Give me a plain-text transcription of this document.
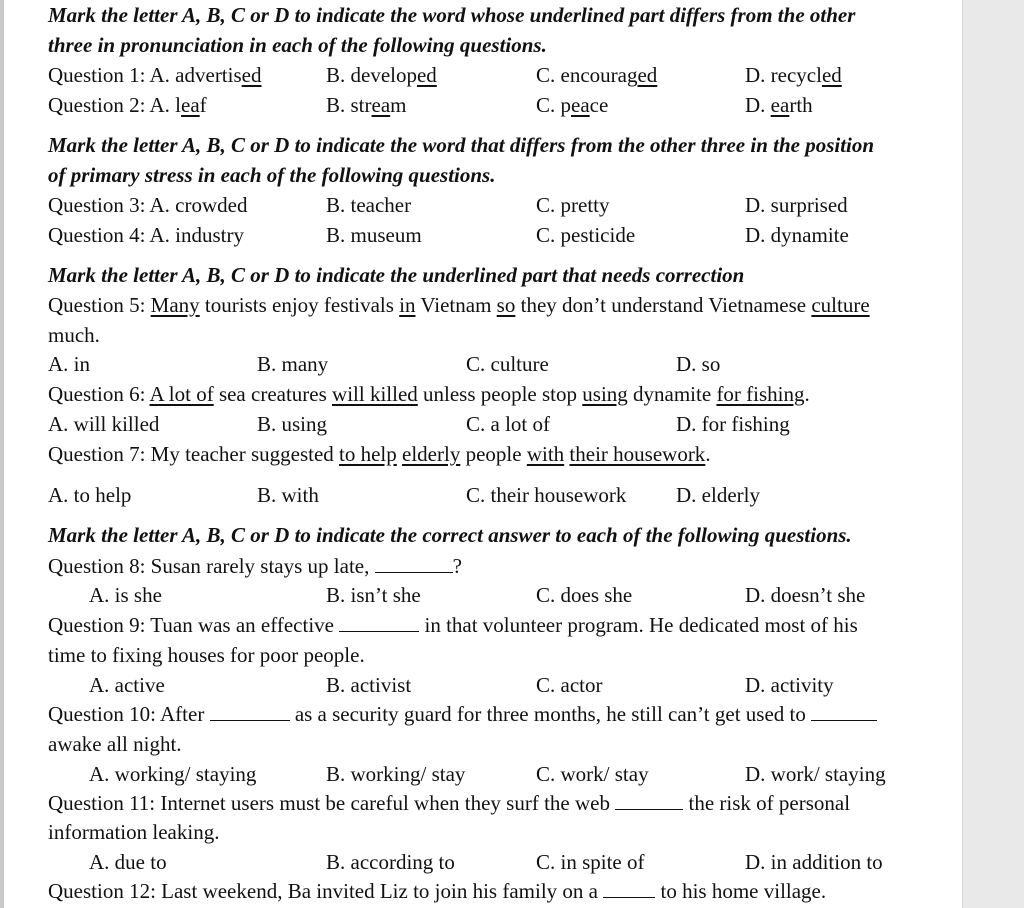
Mark the letter A, B, C or D to indicate the word whose underlined part differs from the other
three in pronunciation in each of the following questions.
Question 1: A. advertised	B. developed	C. encouraged	D. recycled
Question 2: A. leaf	B. stream	C. peace	D. earth
Mark the letter A, B, C or D to indicate the word that differs from the other three in the position
of primary stress in each of the following questions.
Question 3: A. crowded	B. teacher	C. pretty	D. surprised
Question 4: A. industry	B. museum	C. pesticide	D. dynamite
Mark the letter A, B, C or D to indicate the underlined part that needs correction
Question 5: Many tourists enjoy festivals in Vietnam so they don’t understand Vietnamese culture
much.
A. in	B. many	C. culture	D. so
Question 6: A lot of sea creatures will killed unless people stop using dynamite for fishing.
A. will killed	B. using	C. a lot of	D. for fishing
Question 7: My teacher suggested to help elderly people with their housework.
A. to help	B. with	C. their housework D. elderly
Mark the letter A, B, C or D to indicate the correct answer to each of the following questions.
Question 8: Susan rarely stays up late,	?
A. is she	B. isn’t she	C. does she	D. doesn’t she
Question 9: Tuan was an effective	in that volunteer program. He dedicated most of his
time to fixing houses for poor people.
A. active	B. activist	C. actor	D. activity
Question 10: After	as a security guard for three months, he still can’t get used to
awake all night.
A. working/ staying	B. working/ stay	C. work/ stay	D. work/ staying
Question 11: Internet users must be careful when they surf the web	the risk of personal
information leaking.
A. due to	B. according to	C. in spite of	D. in addition to
Question 12: Last weekend, Ba invited Liz to join his family on a  to his home village.
